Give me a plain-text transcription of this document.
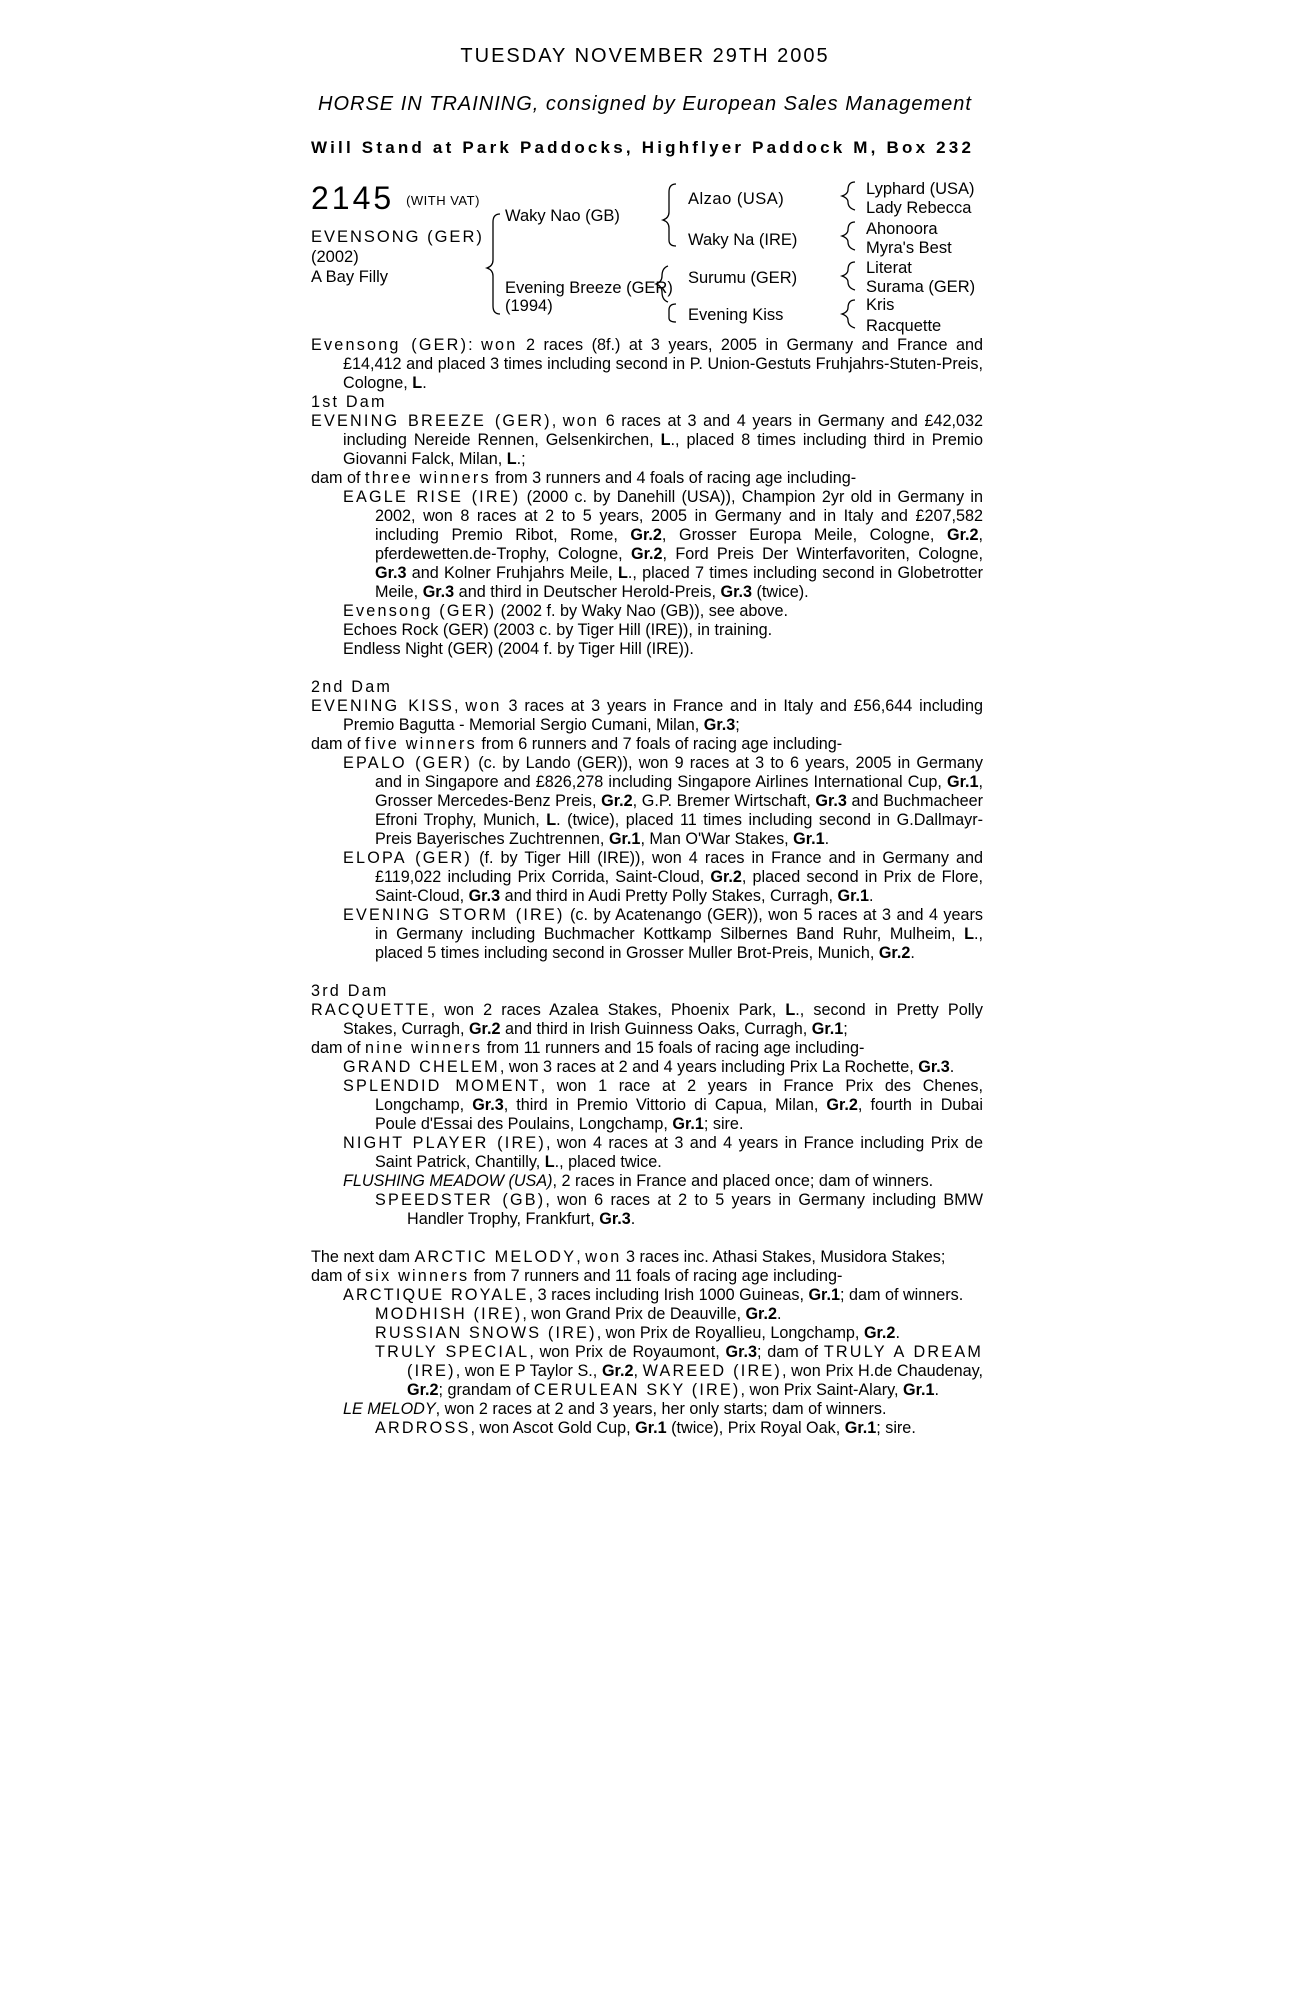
TUESDAY NOVEMBER 29TH 2005
HORSE IN TRAINING, consigned by European Sales Management
Will Stand at Park Paddocks, Highflyer Paddock M, Box 232
2145 (WITH VAT)
EVENSONG (GER)
(2002)
A Bay Filly
Waky Nao (GB)
Evening Breeze (GER)
(1994)
Alzao (USA)
Waky Na (IRE)
Surumu (GER)
Evening Kiss
Lyphard (USA)
Lady Rebecca
Ahonoora
Myra's Best
Literat
Surama (GER)
Kris
Racquette

Evensong (GER): won 2 races (8f.) at 3 years, 2005 in Germany and France and £14,412 and placed 3 times including second in P. Union-Gestuts Fruhjahrs-Stuten-Preis, Cologne, L.

1st Dam

EVENING BREEZE (GER), won 6 races at 3 and 4 years in Germany and £42,032 including Nereide Rennen, Gelsenkirchen, L., placed 8 times including third in Premio Giovanni Falck, Milan, L.;

dam of three winners from 3 runners and 4 foals of racing age including-

EAGLE RISE (IRE) (2000 c. by Danehill (USA)), Champion 2yr old in Germany in 2002, won 8 races at 2 to 5 years, 2005 in Germany and in Italy and £207,582 including Premio Ribot, Rome, Gr.2, Grosser Europa Meile, Cologne, Gr.2, pferdewetten.de-Trophy, Cologne, Gr.2, Ford Preis Der Winterfavoriten, Cologne, Gr.3 and Kolner Fruhjahrs Meile, L., placed 7 times including second in Globetrotter Meile, Gr.3 and third in Deutscher Herold-Preis, Gr.3 (twice).

Evensong (GER) (2002 f. by Waky Nao (GB)), see above.

Echoes Rock (GER) (2003 c. by Tiger Hill (IRE)), in training.

Endless Night (GER) (2004 f. by Tiger Hill (IRE)).

2nd Dam

EVENING KISS, won 3 races at 3 years in France and in Italy and £56,644 including Premio Bagutta - Memorial Sergio Cumani, Milan, Gr.3;

dam of five winners from 6 runners and 7 foals of racing age including-

EPALO (GER) (c. by Lando (GER)), won 9 races at 3 to 6 years, 2005 in Germany and in Singapore and £826,278 including Singapore Airlines International Cup, Gr.1, Grosser Mercedes-Benz Preis, Gr.2, G.P. Bremer Wirtschaft, Gr.3 and Buchmacheer Efroni Trophy, Munich, L. (twice), placed 11 times including second in G.Dallmayr-Preis Bayerisches Zuchtrennen, Gr.1, Man O'War Stakes, Gr.1.

ELOPA (GER) (f. by Tiger Hill (IRE)), won 4 races in France and in Germany and £119,022 including Prix Corrida, Saint-Cloud, Gr.2, placed second in Prix de Flore, Saint-Cloud, Gr.3 and third in Audi Pretty Polly Stakes, Curragh, Gr.1.

EVENING STORM (IRE) (c. by Acatenango (GER)), won 5 races at 3 and 4 years in Germany including Buchmacher Kottkamp Silbernes Band Ruhr, Mulheim, L., placed 5 times including second in Grosser Muller Brot-Preis, Munich, Gr.2.

3rd Dam

RACQUETTE, won 2 races Azalea Stakes, Phoenix Park, L., second in Pretty Polly Stakes, Curragh, Gr.2 and third in Irish Guinness Oaks, Curragh, Gr.1;

dam of nine winners from 11 runners and 15 foals of racing age including-

GRAND CHELEM, won 3 races at 2 and 4 years including Prix La Rochette, Gr.3.

SPLENDID MOMENT, won 1 race at 2 years in France Prix des Chenes, Longchamp, Gr.3, third in Premio Vittorio di Capua, Milan, Gr.2, fourth in Dubai Poule d'Essai des Poulains, Longchamp, Gr.1; sire.

NIGHT PLAYER (IRE), won 4 races at 3 and 4 years in France including Prix de Saint Patrick, Chantilly, L., placed twice.

FLUSHING MEADOW (USA), 2 races in France and placed once; dam of winners.

SPEEDSTER (GB), won 6 races at 2 to 5 years in Germany including BMW Handler Trophy, Frankfurt, Gr.3.

The next dam ARCTIC MELODY, won 3 races inc. Athasi Stakes, Musidora Stakes;

dam of six winners from 7 runners and 11 foals of racing age including-

ARCTIQUE ROYALE, 3 races including Irish 1000 Guineas, Gr.1; dam of winners.

MODHISH (IRE), won Grand Prix de Deauville, Gr.2.

RUSSIAN SNOWS (IRE), won Prix de Royallieu, Longchamp, Gr.2.

TRULY SPECIAL, won Prix de Royaumont, Gr.3; dam of TRULY A DREAM (IRE), won E P Taylor S., Gr.2, WAREED (IRE), won Prix H.de Chaudenay, Gr.2; grandam of CERULEAN SKY (IRE), won Prix Saint-Alary, Gr.1.

LE MELODY, won 2 races at 2 and 3 years, her only starts; dam of winners.

ARDROSS, won Ascot Gold Cup, Gr.1 (twice), Prix Royal Oak, Gr.1; sire.
